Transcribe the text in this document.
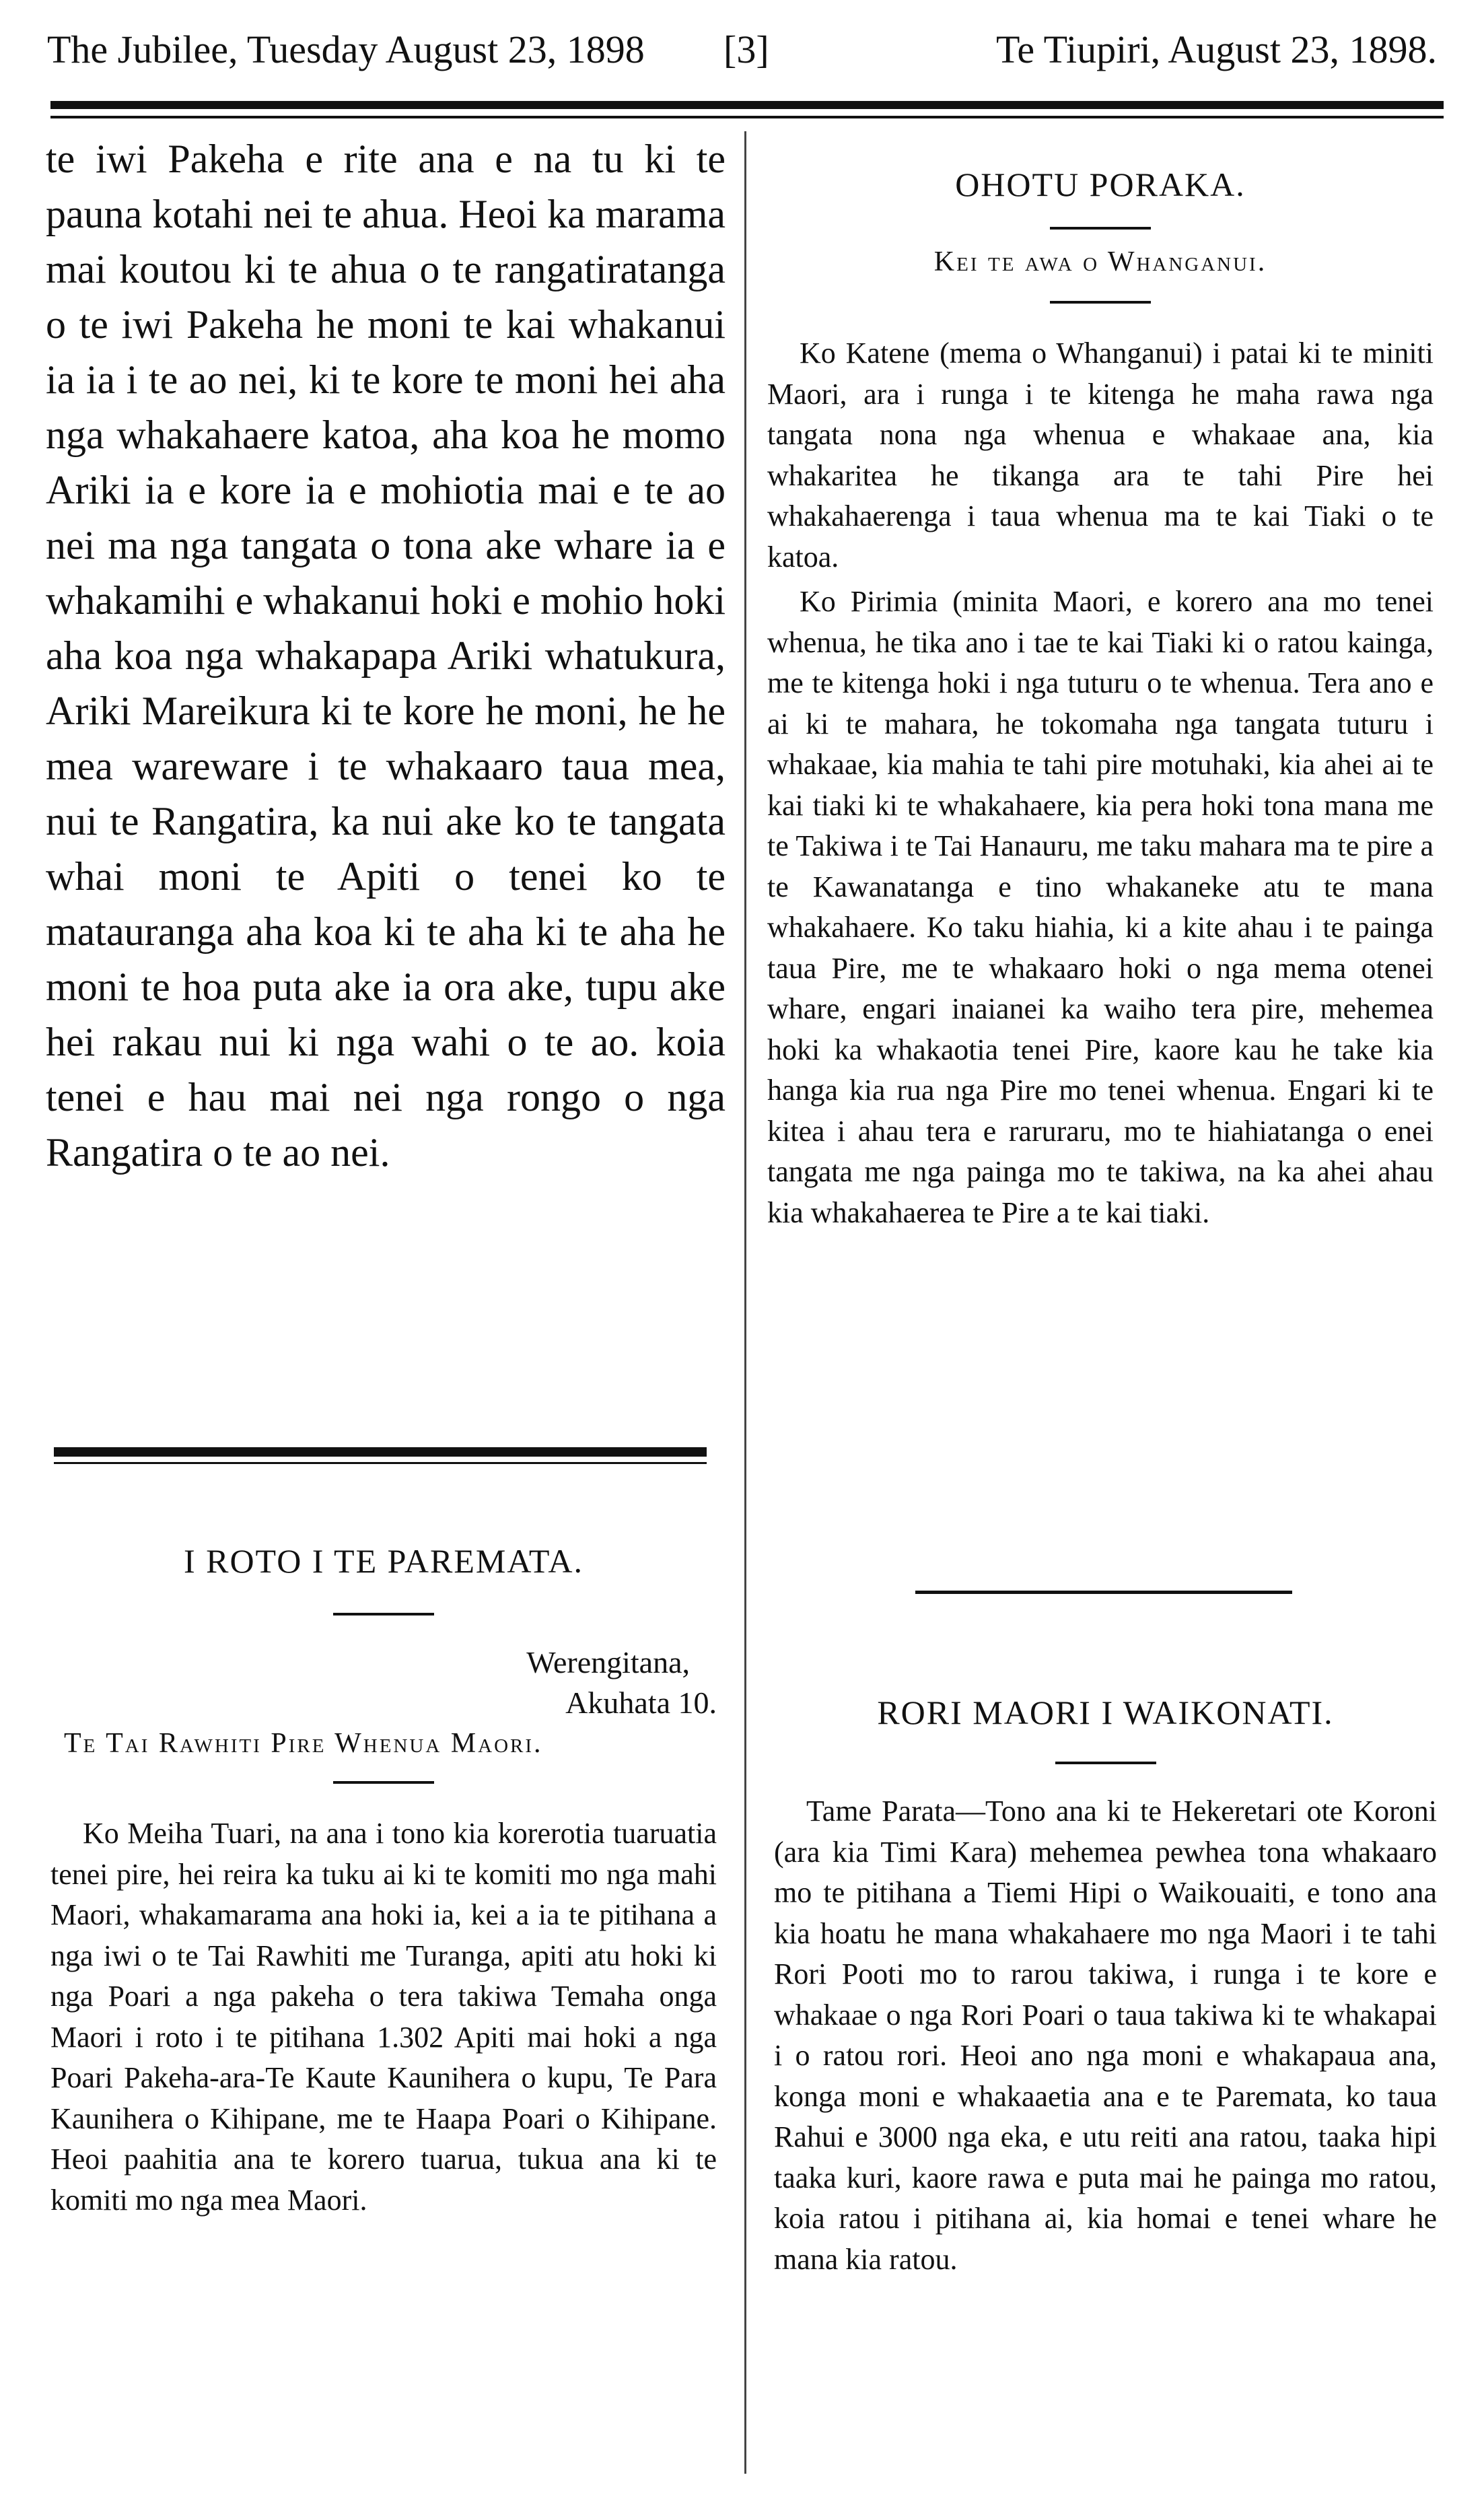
The Jubilee, Tuesday August 23, 1898 [3]	Te Tiupiri, August 23, 1898.

te iwi Pakeha e rite ana e na tu ki te pauna kotahi nei te ahua. Heoi ka marama mai koutou ki te ahua o te rangatiratanga o te iwi Pakeha he moni te kai whakanui ia ia i te ao nei, ki te kore te moni hei aha nga whakahaere katoa, aha koa he momo Ariki ia e kore ia e mohiotia mai e te ao nei ma nga tangata o tona ake whare ia e whakamihi e whakanui hoki e mohio hoki aha koa nga whakapapa Ariki whatukura, Ariki Mareikura ki te kore he moni, he he mea wareware i te whakaaro taua mea, nui te Rangatira, ka nui ake ko te tangata whai moni te Apiti o tenei ko te matauranga aha koa ki te aha ki te aha he moni te hoa puta ake ia ora ake, tupu ake hei rakau nui ki nga wahi o te ao. koia tenei e hau mai nei nga rongo o nga Rangatira o te ao nei.

I ROTO I TE PAREMATA.

Werengitana,
Akuhata 10.

Te Tai Rawhiti Pire Whenua Maori.

Ko Meiha Tuari, na ana i tono kia korerotia tuaruatia tenei pire, hei reira ka tuku ai ki te komiti mo nga mahi Maori, whakamarama ana hoki ia, kei a ia te pitihana a nga iwi o te Tai Rawhiti me Turanga, apiti atu hoki ki nga Poari a nga pakeha o tera takiwa Temaha onga Maori i roto i te pitihana 1.302 Apiti mai hoki a nga Poari Pakeha-ara-Te Kaute Kaunihera o kupu, Te Para Kaunihera o Kihipane, me te Haapa Poari o Kihipane. Heoi paahitia ana te korero tuarua, tukua ana ki te komiti mo nga mea Maori.

OHOTU PORAKA.

Kei te awa o Whanganui.

Ko Katene (mema o Whanganui) i patai ki te miniti Maori, ara i runga i te kitenga he maha rawa nga tangata nona nga whenua e whakaae ana, kia whakaritea he tikanga ara te tahi Pire hei whakahaerenga i taua whenua ma te kai Tiaki o te katoa.

Ko Pirimia (minita Maori, e korero ana mo tenei whenua, he tika ano i tae te kai Tiaki ki o ratou kainga, me te kitenga hoki i nga tuturu o te whenua. Tera ano e ai ki te mahara, he tokomaha nga tangata tuturu i whakaae, kia mahia te tahi pire motuhaki, kia ahei ai te kai tiaki ki te whakahaere, kia pera hoki tona mana me te Takiwa i te Tai Hanauru, me taku mahara ma te pire a te Kawanatanga e tino whakaneke atu te mana whakahaere. Ko taku hiahia, ki a kite ahau i te painga taua Pire, me te whakaaro hoki o nga mema otenei whare, engari inaianei ka waiho tera pire, mehemea hoki ka whakaotia tenei Pire, kaore kau he take kia hanga kia rua nga Pire mo tenei whenua. Engari ki te kitea i ahau tera e raruraru, mo te hiahiatanga o enei tangata me nga painga mo te takiwa, na ka ahei ahau kia whakahaerea te Pire a te kai tiaki.

RORI MAORI I WAIKONATI.

Tame Parata—Tono ana ki te Hekeretari ote Koroni (ara kia Timi Kara) mehemea pewhea tona whakaaro mo te pitihana a Tiemi Hipi o Waikouaiti, e tono ana kia hoatu he mana whakahaere mo nga Maori i te tahi Rori Pooti mo to rarou takiwa, i runga i te kore e whakaae o nga Rori Poari o taua takiwa ki te whakapai i o ratou rori. Heoi ano nga moni e whakapaua ana, konga moni e whakaaetia ana e te Paremata, ko taua Rahui e 3000 nga eka, e utu reiti ana ratou, taaka hipi taaka kuri, kaore rawa e puta mai he painga mo ratou, koia ratou i pitihana ai, kia homai e tenei whare he mana kia ratou.
